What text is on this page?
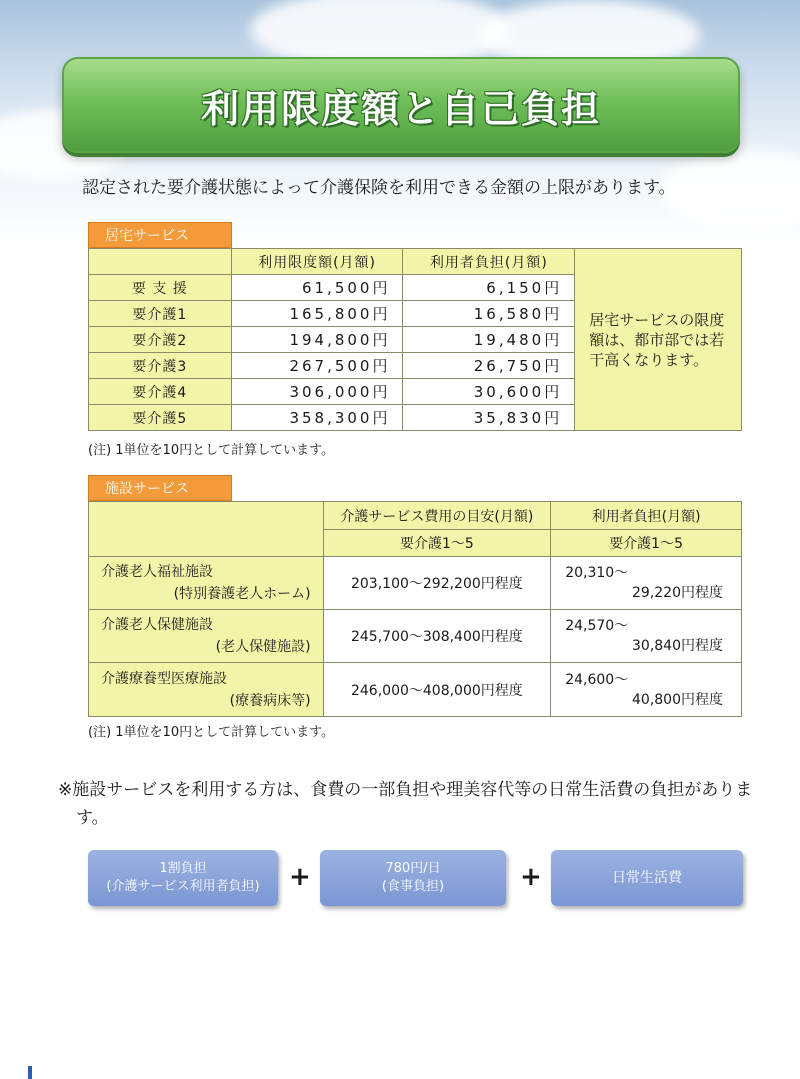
利用限度額と自己負担

認定された要介護状態によって介護保険を利用できる金額の上限があります。

居宅サービス
	利用限度額(月額)	利用者負担(月額)	居宅サービスの限度額は、都市部では若干高くなります。
要 支 援	61,500円	6,150円	
要介護1	165,800円	16,580円	
要介護2	194,800円	19,480円	
要介護3	267,500円	26,750円	
要介護4	306,000円	30,600円	
要介護5	358,300円	35,830円	

(注) 1単位を10円として計算しています。

施設サービス
	介護サービス費用の目安(月額)	利用者負担(月額)
	要介護1～5	要介護1～5
介護老人福祉施設
(特別養護老人ホーム)	203,100～292,200円程度	20,310～
29,220円程度

介護老人保健施設
(老人保健施設)	245,700～308,400円程度	24,570～
30,840円程度

介護療養型医療施設
(療養病床等)	246,000～408,000円程度	24,600～
40,800円程度

(注) 1単位を10円として計算しています。

※施設サービスを利用する方は、食費の一部負担や理美容代等の日常生活費の負担があります。

1割負担
(介護サービス利用者負担) +	780円/日
(食事負担)	+	日常生活費
